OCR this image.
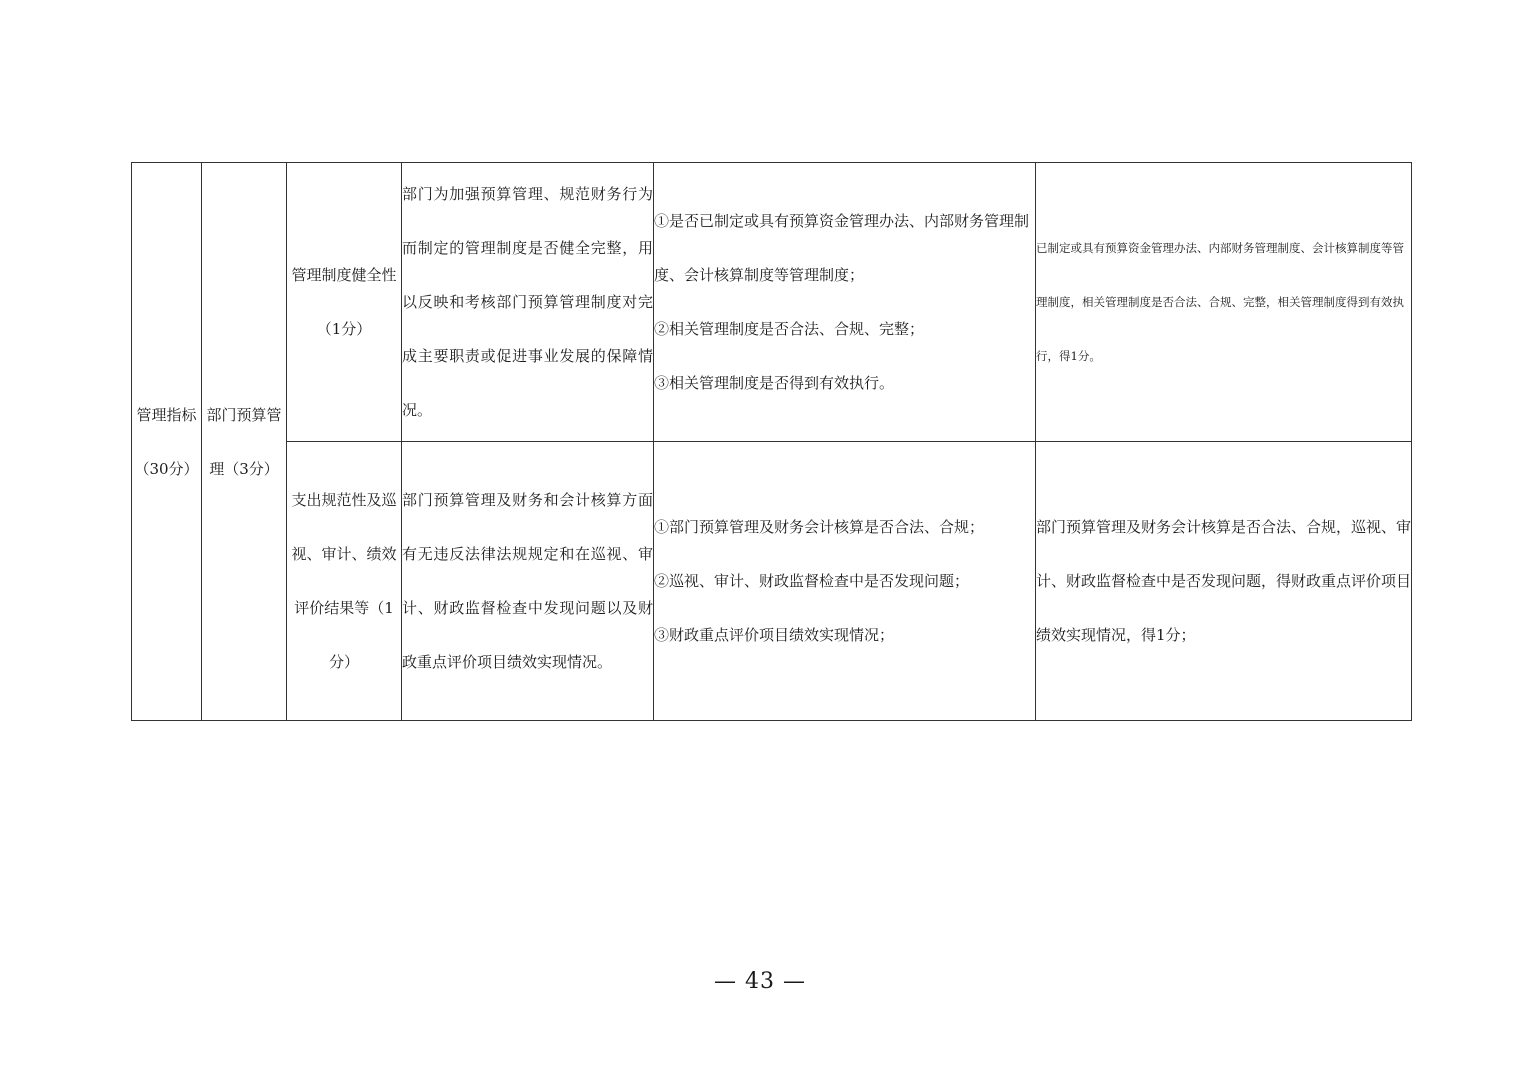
管理指标（30分）	部门预算管理（3分）	管理制度健全性（1分）	部门为加强预算管理、规范财务行为而制定的管理制度是否健全完整，用以反映和考核部门预算管理制度对完成主要职责或促进事业发展的保障情况。	①是否已制定或具有预算资金管理办法、内部财务管理制度、会计核算制度等管理制度；
②相关管理制度是否合法、合规、完整；
③相关管理制度是否得到有效执行。	已制定或具有预算资金管理办法、内部财务管理制度、会计核算制度等管理制度，相关管理制度是否合法、合规、完整，相关管理制度得到有效执行，得1分。
		支出规范性及巡视、审计、绩效评价结果等（1分）	部门预算管理及财务和会计核算方面有无违反法律法规规定和在巡视、审计、财政监督检查中发现问题以及财政重点评价项目绩效实现情况。	①部门预算管理及财务会计核算是否合法、合规；
②巡视、审计、财政监督检查中是否发现问题；
③财政重点评价项目绩效实现情况；	部门预算管理及财务会计核算是否合法、合规，巡视、审计、财政监督检查中是否发现问题，得财政重点评价项目绩效实现情况，得1分；
— 43 —
